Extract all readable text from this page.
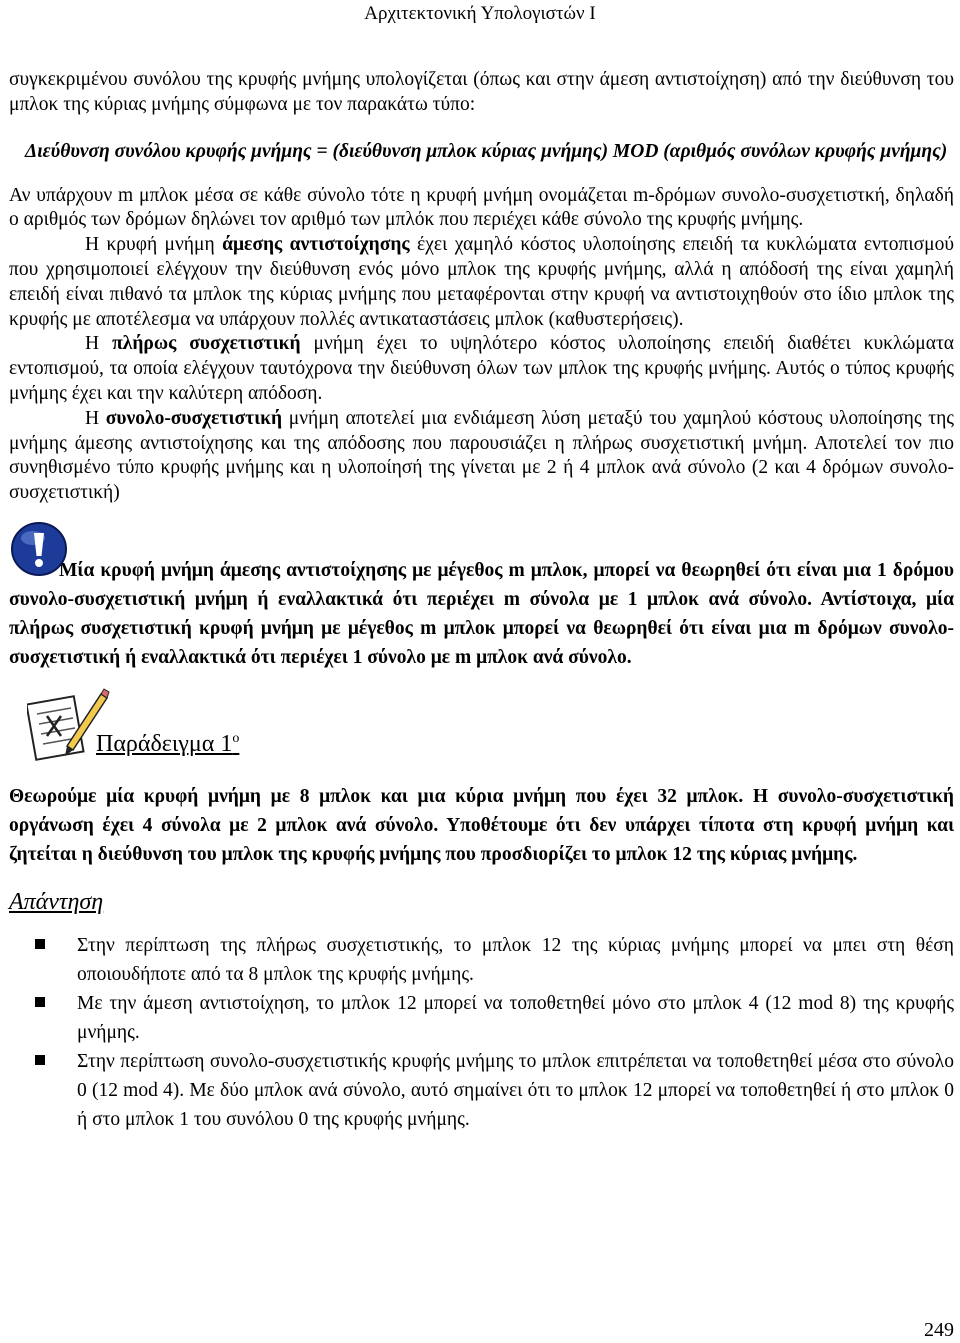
Αρχιτεκτονική Υπολογιστών Ι

συγκεκριμένου συνόλου της κρυφής μνήμης υπολογίζεται (όπως και στην άμεση αντιστοίχηση) από την διεύθυνση του μπλοκ της κύριας μνήμης σύμφωνα με τον παρακάτω τύπο:

Διεύθυνση συνόλου κρυφής μνήμης = (διεύθυνση μπλοκ κύριας μνήμης) MOD (αριθμός συνόλων κρυφής μνήμης)

Αν υπάρχουν m μπλοκ μέσα σε κάθε σύνολο τότε η κρυφή μνήμη ονομάζεται m-δρόμων συνολο-συσχετιστκή, δηλαδή ο αριθμός των δρόμων δηλώνει τον αριθμό των μπλόκ που περιέχει κάθε σύνολο της κρυφής μνήμης.

Η κρυφή μνήμη άμεσης αντιστοίχησης έχει χαμηλό κόστος υλοποίησης επειδή τα κυκλώματα εντοπισμού που χρησιμοποιεί ελέγχουν την διεύθυνση ενός μόνο μπλοκ της κρυφής μνήμης, αλλά η απόδοσή της είναι χαμηλή επειδή είναι πιθανό τα μπλοκ της κύριας μνήμης που μεταφέρονται στην κρυφή να αντιστοιχηθούν στο ίδιο μπλοκ της κρυφής με αποτέλεσμα να υπάρχουν πολλές αντικαταστάσεις μπλοκ (καθυστερήσεις).

Η πλήρως συσχετιστική μνήμη έχει το υψηλότερο κόστος υλοποίησης επειδή διαθέτει κυκλώματα εντοπισμού, τα οποία ελέγχουν ταυτόχρονα την διεύθυνση όλων των μπλοκ της κρυφής μνήμης. Αυτός ο τύπος κρυφής μνήμης έχει και την καλύτερη απόδοση.

Η συνολο-συσχετιστική μνήμη αποτελεί μια ενδιάμεση λύση μεταξύ του χαμηλού κόστους υλοποίησης της μνήμης άμεσης αντιστοίχησης και της απόδοσης που παρουσιάζει η πλήρως συσχετιστική μνήμη. Αποτελεί τον πιο συνηθισμένο τύπο κρυφής μνήμης και η υλοποίησή της γίνεται με 2 ή 4 μπλοκ ανά σύνολο (2 και 4 δρόμων συνολο-συσχετιστική)

Μία κρυφή μνήμη άμεσης αντιστοίχησης με μέγεθος m μπλοκ, μπορεί να θεωρηθεί ότι είναι μια 1 δρόμου συνολο-συσχετιστική μνήμη ή εναλλακτικά ότι περιέχει m σύνολα με 1 μπλοκ ανά σύνολο. Αντίστοιχα, μία πλήρως συσχετιστική κρυφή μνήμη με μέγεθος m μπλοκ μπορεί να θεωρηθεί ότι είναι μια m δρόμων συνολο-συσχετιστική ή εναλλακτικά ότι περιέχει 1 σύνολο με m μπλοκ ανά σύνολο.

Παράδειγμα $1^o$

Θεωρούμε μία κρυφή μνήμη με 8 μπλοκ και μια κύρια μνήμη που έχει 32 μπλοκ. Η συνολο-συσχετιστική οργάνωση έχει 4 σύνολα με 2 μπλοκ ανά σύνολο. Υποθέτουμε ότι δεν υπάρχει τίποτα στη κρυφή μνήμη και ζητείται η διεύθυνση του μπλοκ της κρυφής μνήμης που προσδιορίζει το μπλοκ 12 της κύριας μνήμης.

Απάντηση
Στην περίπτωση της πλήρως συσχετιστικής, το μπλοκ 12 της κύριας μνήμης μπορεί να μπει στη θέση οποιουδήποτε από τα 8 μπλοκ της κρυφής μνήμης.
Με την άμεση αντιστοίχηση, το μπλοκ 12 μπορεί να τοποθετηθεί μόνο στο μπλοκ 4 (12 mod 8) της κρυφής μνήμης.
Στην περίπτωση συνολο-συσχετιστικής κρυφής μνήμης το μπλοκ επιτρέπεται να τοποθετηθεί μέσα στο σύνολο 0 (12 mod 4). Με δύο μπλοκ ανά σύνολο, αυτό σημαίνει ότι το μπλοκ 12 μπορεί να τοποθετηθεί ή στο μπλοκ 0 ή στο μπλοκ 1 του συνόλου 0 της κρυφής μνήμης.
249
